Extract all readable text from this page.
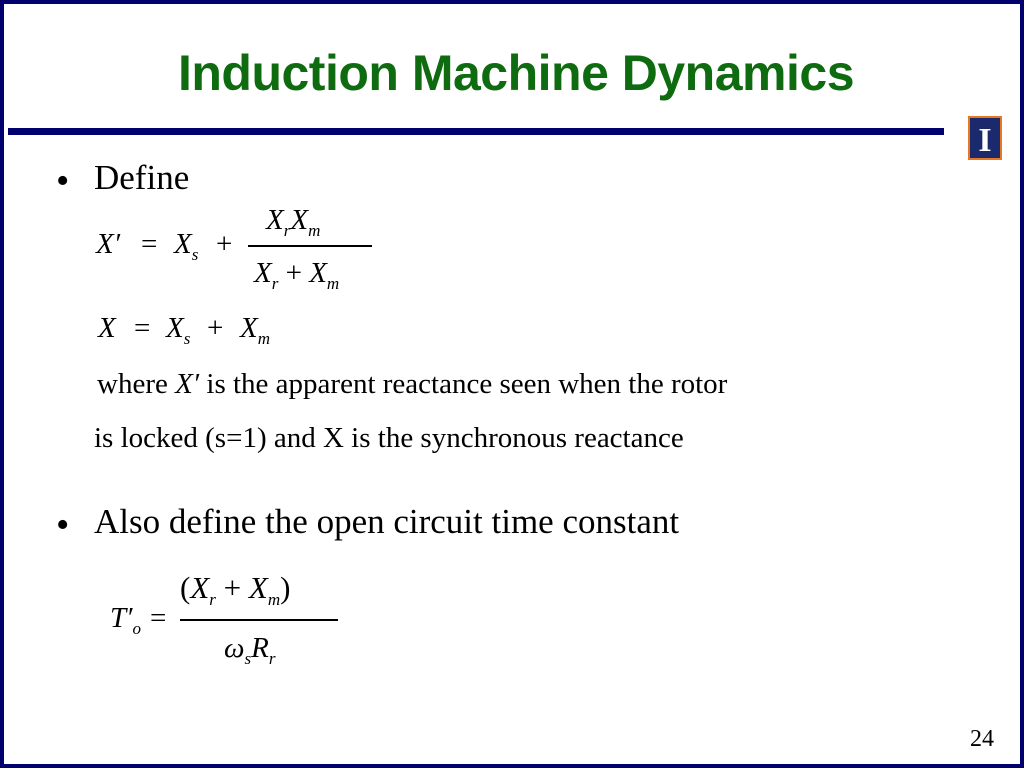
Induction Machine Dynamics
I
• Define
$X' = X_s$ +
$X_rX_m$
$X_r + X_m$
$X = X_s + X_m$
where X′ is the apparent reactance seen when the rotor
is locked (s=1) and X is the synchronous reactance
• Also define the open circuit time constant
$T'_o$ =
$(X_r + X_m)$
$\omega_sR_r$
24
